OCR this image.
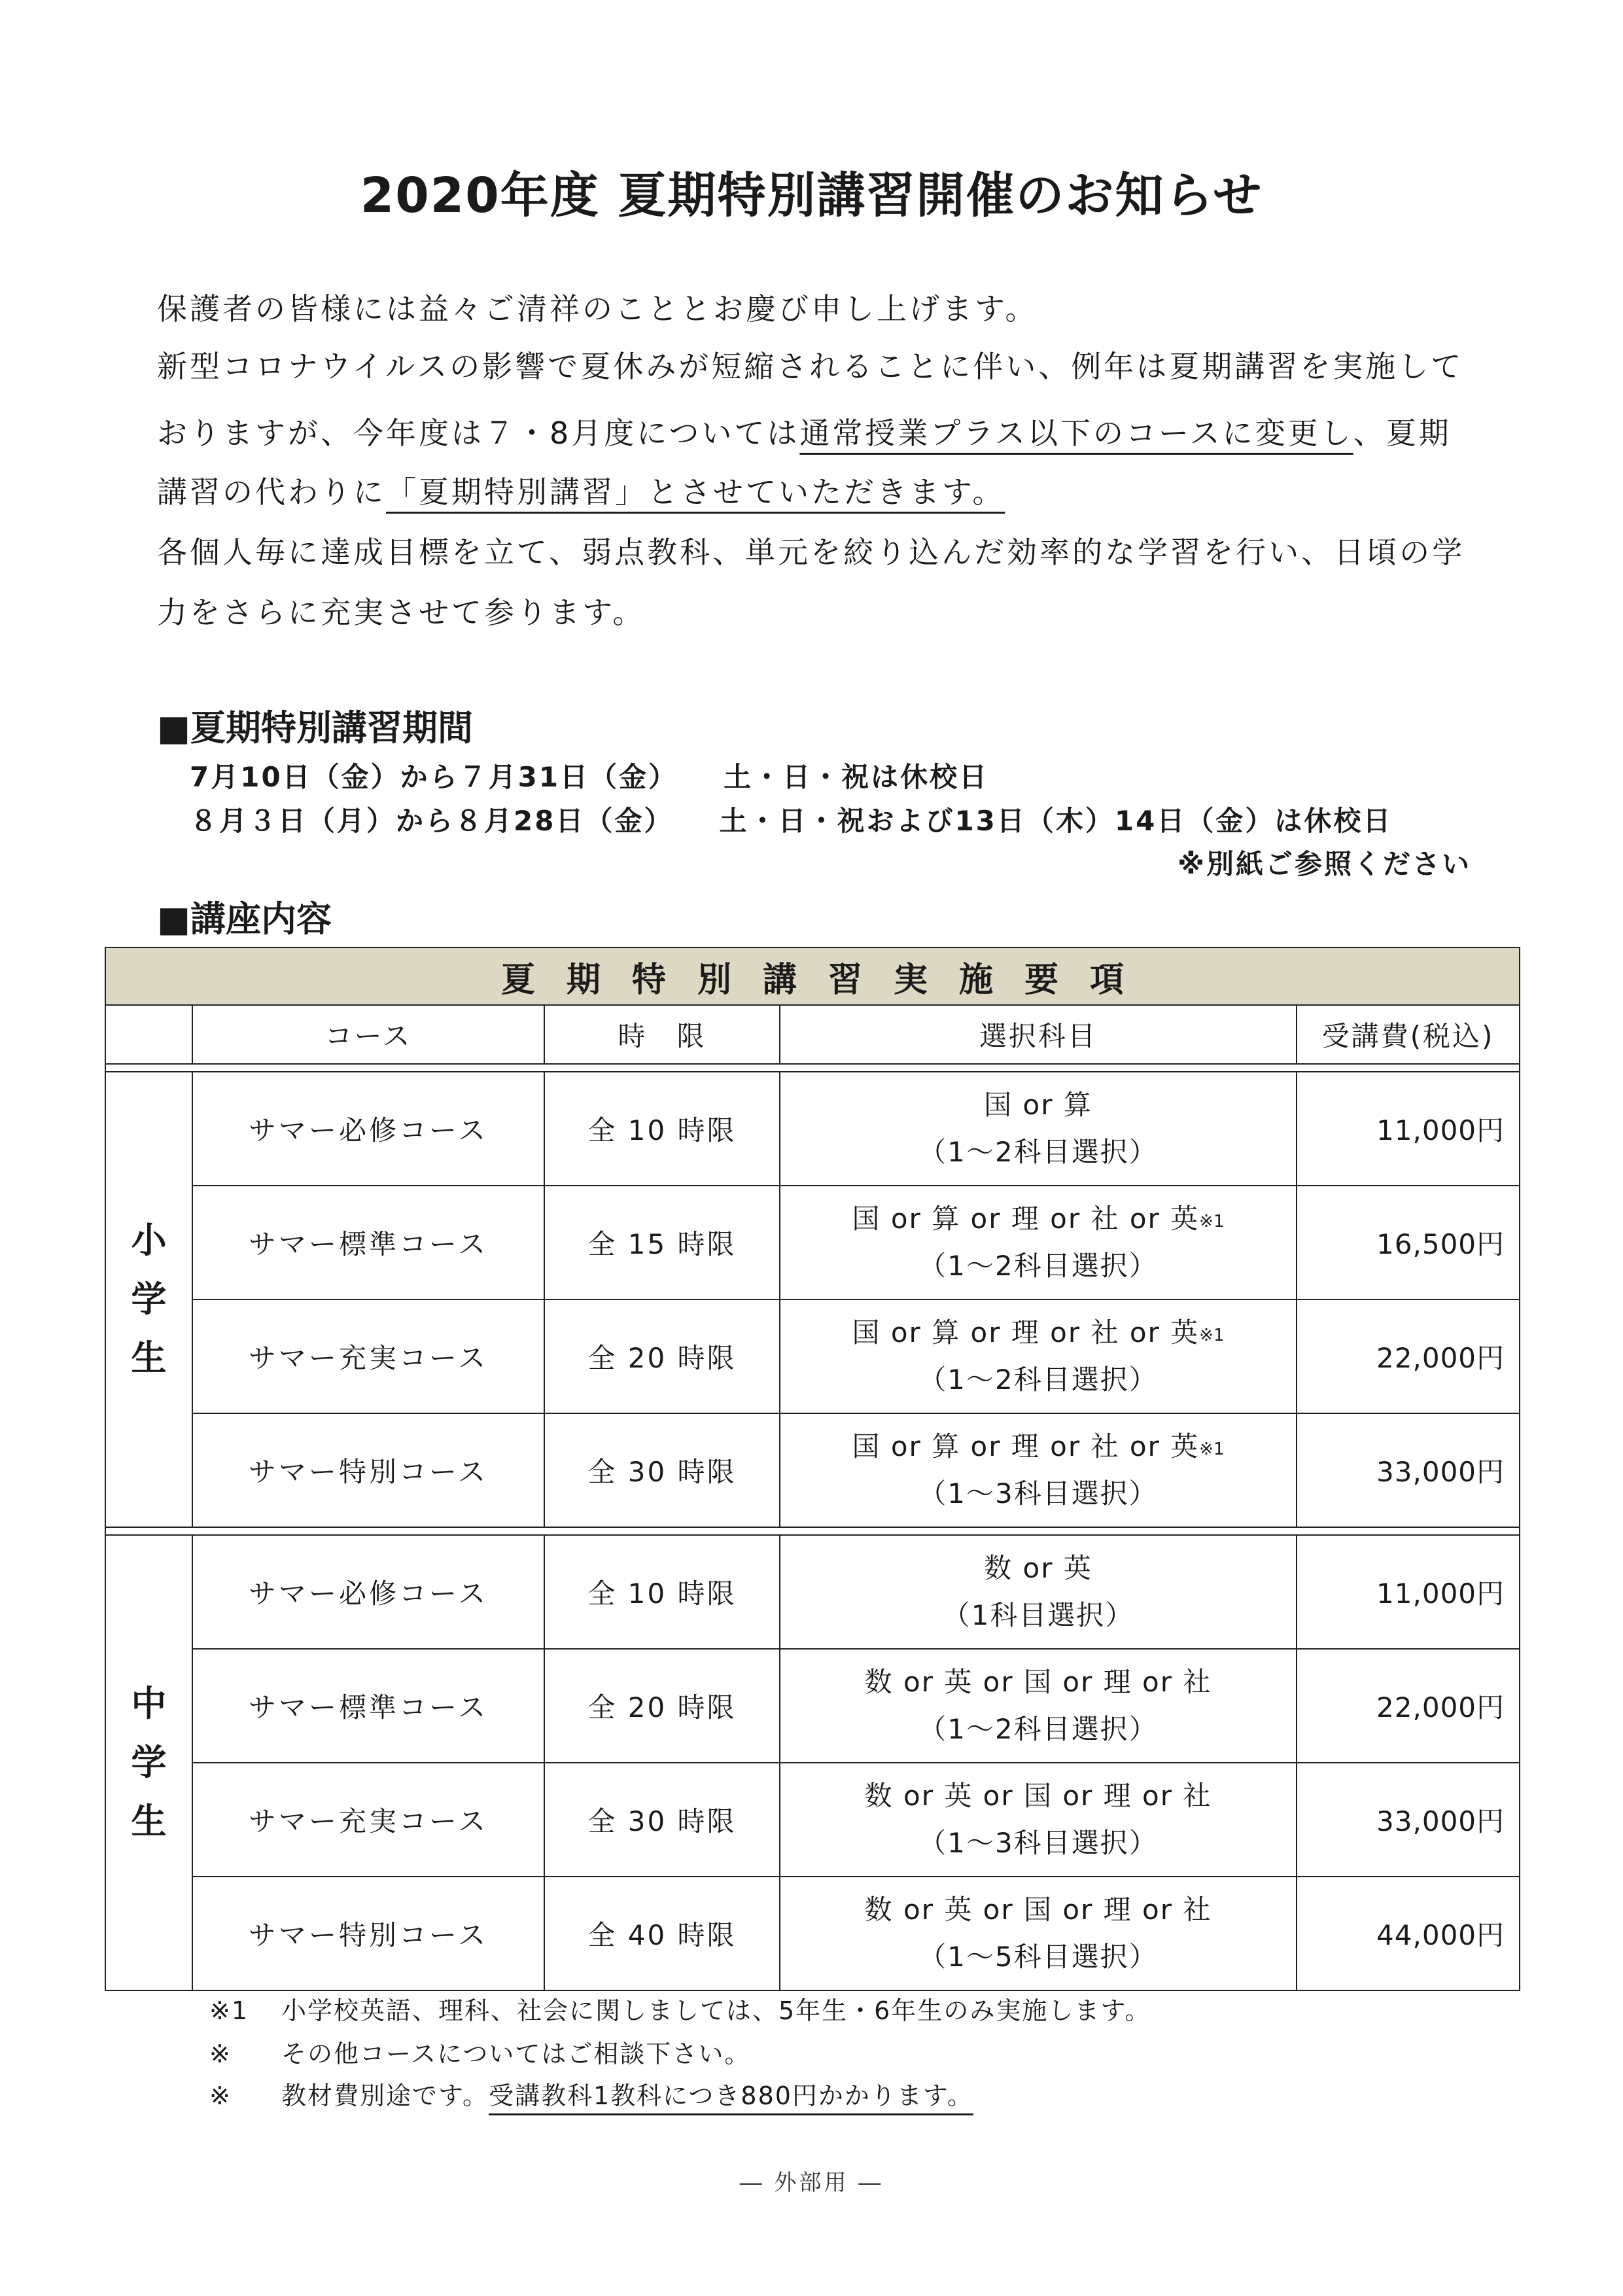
2020年度 夏期特別講習開催のお知らせ
保護者の皆様には益々ご清祥のこととお慶び申し上げます。
新型コロナウイルスの影響で夏休みが短縮されることに伴い、例年は夏期講習を実施して
おりますが、今年度は７・8月度については通常授業プラス以下のコースに変更し、夏期
講習の代わりに「夏期特別講習」とさせていただきます。
各個人毎に達成目標を立て、弱点教科、単元を絞り込んだ効率的な学習を行い、日頃の学
力をさらに充実させて参ります。
■夏期特別講習期間
7月10日（金）から７月31日（金） 土・日・祝は休校日
８月３日（月）から８月28日（金） 土・日・祝および13日（木）14日（金）は休校日
※別紙ご参照ください
■講座内容
夏期特別講習実施要項				
	コース	時　限	選択科目	受講費(税込)

小
学
生	サマー必修コース	全 10 時限	国 or 算
（1～2科目選択）	11,000円
	サマー標準コース	全 15 時限	国 or 算 or 理 or 社 or 英※1
（1～2科目選択）	16,500円
	サマー充実コース	全 20 時限	国 or 算 or 理 or 社 or 英※1
（1～2科目選択）	22,000円
	サマー特別コース	全 30 時限	国 or 算 or 理 or 社 or 英※1
（1～3科目選択）	33,000円

中
学
生	サマー必修コース	全 10 時限	数 or 英
（1科目選択）	11,000円
	サマー標準コース	全 20 時限	数 or 英 or 国 or 理 or 社
（1～2科目選択）	22,000円
	サマー充実コース	全 30 時限	数 or 英 or 国 or 理 or 社
（1～3科目選択）	33,000円
	サマー特別コース	全 40 時限	数 or 英 or 国 or 理 or 社
（1～5科目選択）	44,000円
※1 小学校英語、理科、社会に関しましては、5年生・6年生のみ実施します。
※ その他コースについてはご相談下さい。
※ 教材費別途です。受講教科1教科につき880円かかります。
― 外部用 ―
